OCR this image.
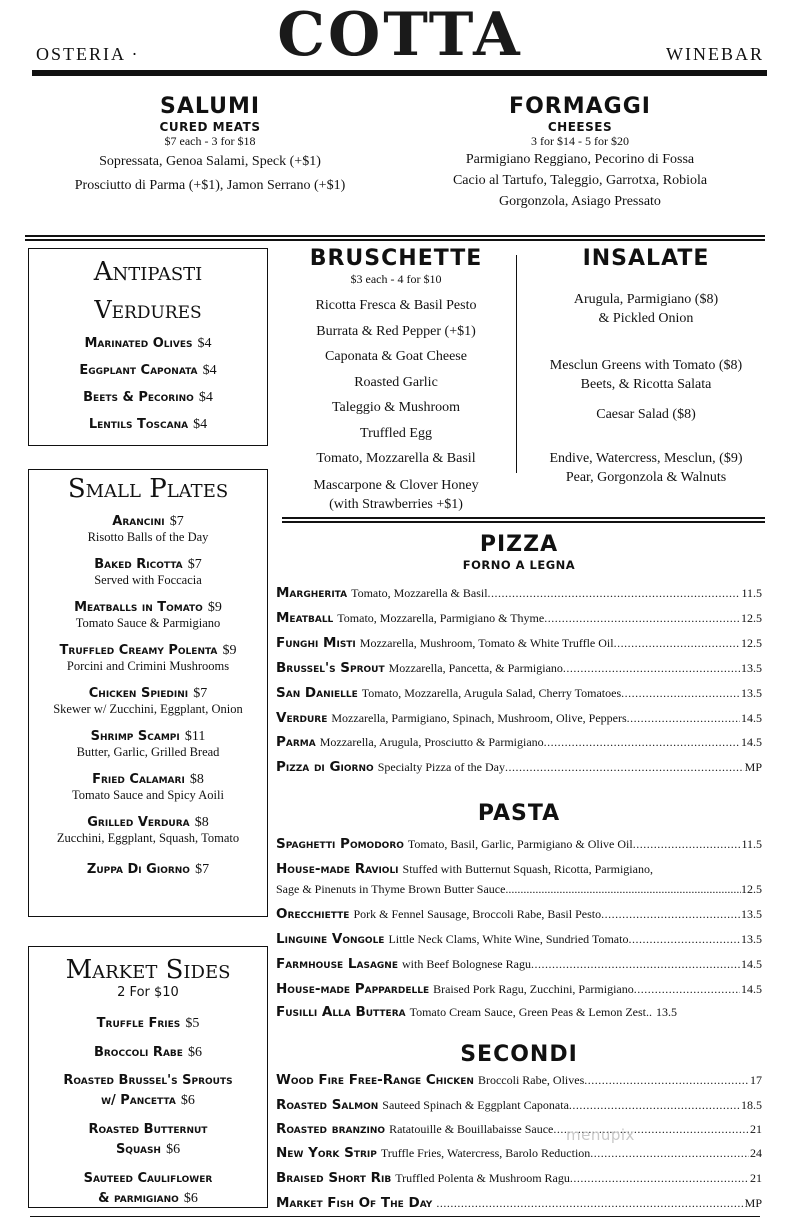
OSTERIA ·	COTTA	WINEBAR
SALUMI
CURED MEATS
$7 each - 3 for $18
Sopressata, Genoa Salami, Speck (+$1)
Prosciutto di Parma (+$1), Jamon Serrano (+$1)
FORMAGGI
CHEESES
3 for $14 - 5 for $20
Parmigiano Reggiano, Pecorino di Fossa
Cacio al Tartufo, Taleggio, Garrotxa, Robiola
Gorgonzola, Asiago Pressato
Antipasti
Verdures
Marinated Olives $4
Eggplant Caponata $4
Beets & Pecorino $4
Lentils Toscana $4
BRUSCHETTE
$3 each - 4 for $10
Ricotta Fresca & Basil Pesto
Burrata & Red Pepper (+$1)
Caponata & Goat Cheese
Roasted Garlic
Taleggio & Mushroom
Truffled Egg
Tomato, Mozzarella & Basil
Mascarpone & Clover Honey
(with Strawberries +$1)
INSALATE
Arugula, Parmigiano ($8)
& Pickled Onion
Mesclun Greens with Tomato ($8)
Beets, & Ricotta Salata
Caesar Salad ($8)
Endive, Watercress, Mesclun, ($9)
Pear, Gorgonzola & Walnuts
Small Plates
Arancini $7
Risotto Balls of the Day
Baked Ricotta $7
Served with Foccacia
Meatballs in Tomato $9
Tomato Sauce & Parmigiano
Truffled Creamy Polenta $9
Porcini and Crimini Mushrooms
Chicken Spiedini $7
Skewer w/ Zucchini, Eggplant, Onion
Shrimp Scampi $11
Butter, Garlic, Grilled Bread
Fried Calamari $8
Tomato Sauce and Spicy Aoili
Grilled Verdura $8
Zucchini, Eggplant, Squash, Tomato
Zuppa Di Giorno $7
Market Sides
2 For $10
Truffle Fries $5
Broccoli Rabe $6
Roasted Brussel's Sprouts
w/ Pancetta $6
Roasted Butternut
Squash $6
Sauteed Cauliflower
& parmigiano $6
PIZZA
FORNO A LEGNA
Margherita Tomato, Mozzarella & Basil .....	11.5
Meatball Tomato, Mozzarella, Parmigiano & Thyme .....	12.5
Funghi Misti Mozzarella, Mushroom, Tomato & White Truffle Oil .....	12.5
Brussel's Sprout Mozzarella, Pancetta, & Parmigiano .....	13.5
San Danielle Tomato, Mozzarella, Arugula Salad, Cherry Tomatoes .....	13.5
Verdure Mozzarella, Parmigiano, Spinach, Mushroom, Olive, Peppers .....	14.5
Parma Mozzarella, Arugula, Prosciutto & Parmigiano .....	14.5
Pizza di Giorno Specialty Pizza of the Day .....	MP
PASTA
Spaghetti Pomodoro Tomato, Basil, Garlic, Parmigiano & Olive Oil .....	11.5
House-made Ravioli Stuffed with Butternut Squash, Ricotta, Parmigiano,
Sage & Pinenuts in Thyme Brown Butter Sauce .....	12.5
Orecchiette Pork & Fennel Sausage, Broccoli Rabe, Basil Pesto .....	13.5
Linguine Vongole Little Neck Clams, White Wine, Sundried Tomato .....	13.5
Farmhouse Lasagne with Beef Bolognese Ragu .....	14.5
House-made Pappardelle Braised Pork Ragu, Zucchini, Parmigiano .....	14.5
Fusilli Alla Buttera Tomato Cream Sauce, Green Peas & Lemon Zest.. 13.5
SECONDI
Wood Fire Free-Range Chicken Broccoli Rabe, Olives .....	17
Roasted Salmon Sauteed Spinach & Eggplant Caponata .....	18.5
Roasted branzino Ratatouille & Bouillabaisse Sauce .....	21
New York Strip Truffle Fries, Watercress, Barolo Reduction .....	24
Braised Short Rib Truffled Polenta & Mushroom Ragu .....	21
Market Fish Of The Day .....	MP
menupix
